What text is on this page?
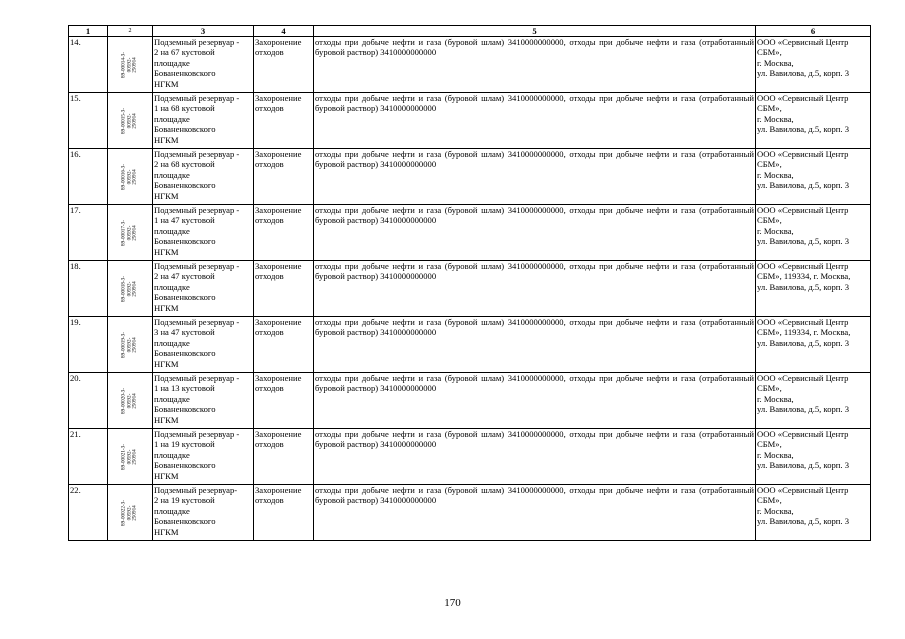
1	2	3	4	5	6
14.	89-00014-З- 00592- 250914	Подземный резервуар -
2 на 67 кустовой
площадке
Бованенковского
НГКМ	Захоронение
отходов	отходы при добыче нефти и газа (буровой шлам) 3410000000000, отходы при добыче нефти и газа (отработанный буровой раствор) 3410000000000	ООО «Сервисный Центр
СБМ»,
г. Москва,
ул. Вавилова, д.5, корп. 3

15.	89-00015-З- 00592- 250914	Подземный резервуар -
1 на 68 кустовой
площадке
Бованенковского
НГКМ	Захоронение
отходов	отходы при добыче нефти и газа (буровой шлам) 3410000000000, отходы при добыче нефти и газа (отработанный буровой раствор) 3410000000000	ООО «Сервисный Центр
СБМ»,
г. Москва,
ул. Вавилова, д.5, корп. 3

16.	89-00016-З- 00592- 250914	Подземный резервуар -
2 на 68 кустовой
площадке
Бованенковского
НГКМ	Захоронение
отходов	отходы при добыче нефти и газа (буровой шлам) 3410000000000, отходы при добыче нефти и газа (отработанный буровой раствор) 3410000000000	ООО «Сервисный Центр
СБМ»,
г. Москва,
ул. Вавилова, д.5, корп. 3

17.	89-00017-З- 00592- 250914	Подземный резервуар -
1 на 47 кустовой
площадке
Бованенковского
НГКМ	Захоронение
отходов	отходы при добыче нефти и газа (буровой шлам) 3410000000000, отходы при добыче нефти и газа (отработанный буровой раствор) 3410000000000	ООО «Сервисный Центр
СБМ»,
г. Москва,
ул. Вавилова, д.5, корп. 3

18.	89-00018-З- 00592- 250914	Подземный резервуар -
2 на 47 кустовой
площадке
Бованенковского
НГКМ	Захоронение
отходов	отходы при добыче нефти и газа (буровой шлам) 3410000000000, отходы при добыче нефти и газа (отработанный буровой раствор) 3410000000000	ООО «Сервисный Центр
СБМ», 119334, г. Москва,
ул. Вавилова, д.5, корп. 3

19.	89-00019-З- 00592- 250914	Подземный резервуар -
3 на 47 кустовой
площадке
Бованенковского
НГКМ	Захоронение
отходов	отходы при добыче нефти и газа (буровой шлам) 3410000000000, отходы при добыче нефти и газа (отработанный буровой раствор) 3410000000000	ООО «Сервисный Центр
СБМ», 119334, г. Москва,
ул. Вавилова, д.5, корп. 3

20.	89-00020-З- 00592- 250914	Подземный резервуар -
1 на 13 кустовой
площадке
Бованенковского
НГКМ	Захоронение
отходов	отходы при добыче нефти и газа (буровой шлам) 3410000000000, отходы при добыче нефти и газа (отработанный буровой раствор) 3410000000000	ООО «Сервисный Центр
СБМ»,
г. Москва,
ул. Вавилова, д.5, корп. 3

21.	89-00021-З- 00592- 250914	Подземный резервуар -
1 на 19 кустовой
площадке
Бованенковского
НГКМ	Захоронение
отходов	отходы при добыче нефти и газа (буровой шлам) 3410000000000, отходы при добыче нефти и газа (отработанный буровой раствор) 3410000000000	ООО «Сервисный Центр
СБМ»,
г. Москва,
ул. Вавилова, д.5, корп. 3

22.	89-00022-З- 00592- 250914	Подземный резервуар-
2 на 19 кустовой
площадке
Бованенковского
НГКМ	Захоронение
отходов	отходы при добыче нефти и газа (буровой шлам) 3410000000000, отходы при добыче нефти и газа (отработанный буровой раствор) 3410000000000	ООО «Сервисный Центр
СБМ»,
г. Москва,
ул. Вавилова, д.5, корп. 3
170
